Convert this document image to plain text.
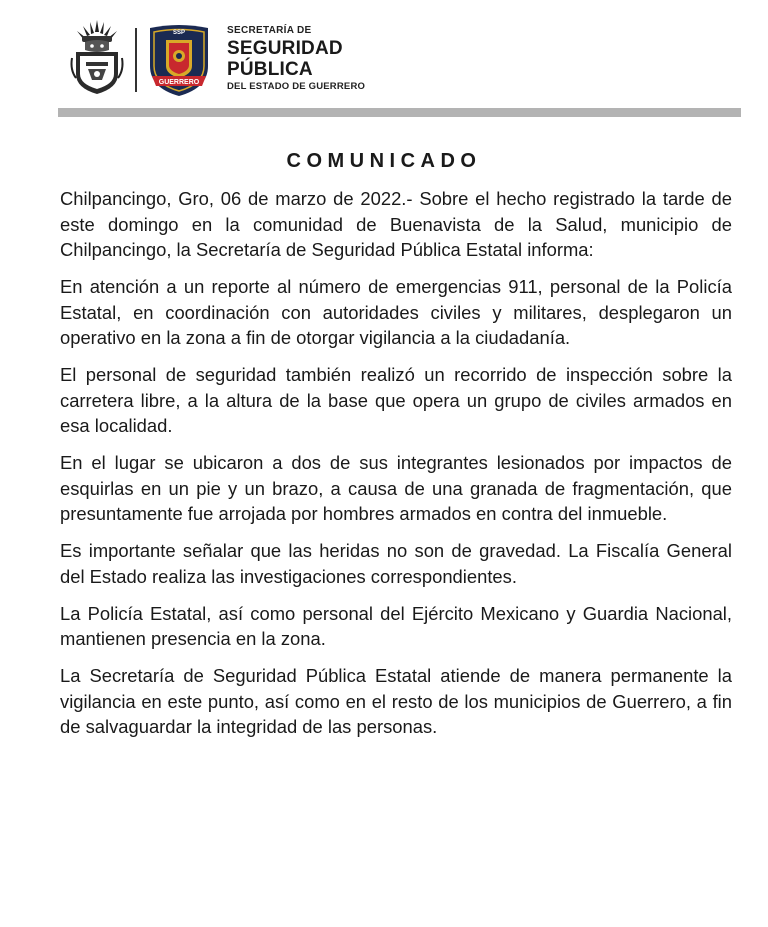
SSP
GUERRERO
SECRETARÍA DE
SEGURIDAD
PÚBLICA
DEL ESTADO DE GUERRERO
COMUNICADO

Chilpancingo, Gro, 06 de marzo de 2022.- Sobre el hecho registrado la tarde de este domingo en la comunidad de Buenavista de la Salud, municipio de Chilpancingo, la Secretaría de Seguridad Pública Estatal informa:

En atención a un reporte al número de emergencias 911, personal de la Policía Estatal, en coordinación con autoridades civiles y militares, desplegaron un operativo en la zona a fin de otorgar vigilancia a la ciudadanía.

El personal de seguridad también realizó un recorrido de inspección sobre la carretera libre, a la altura de la base que opera un grupo de civiles armados en esa localidad.

En el lugar se ubicaron a dos de sus integrantes lesionados por impactos de esquirlas en un pie y un brazo, a causa de una granada de fragmentación, que presuntamente fue arrojada por hombres armados en contra del inmueble.

Es importante señalar que las heridas no son de gravedad. La Fiscalía General del Estado realiza las investigaciones correspondientes.

La Policía Estatal, así como personal del Ejército Mexicano y Guardia Nacional, mantienen presencia en la zona.

La Secretaría de Seguridad Pública Estatal atiende de manera permanente la vigilancia en este punto, así como en el resto de los municipios de Guerrero, a fin de salvaguardar la integridad de las personas.
